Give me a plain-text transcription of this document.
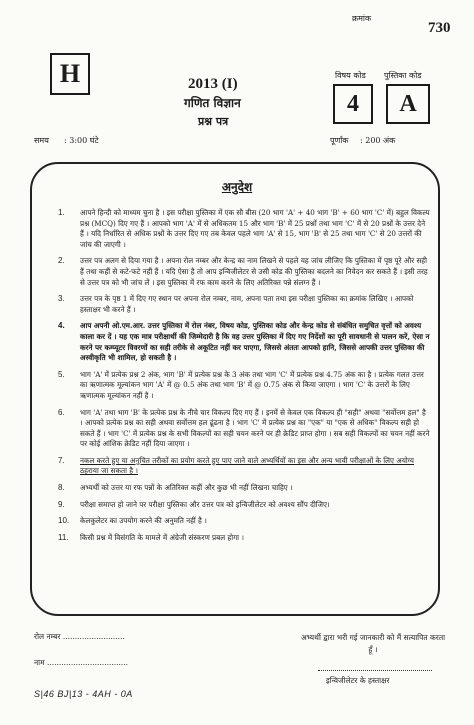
क्रमांक
730
H	2013 (I)
गणित विज्ञान
प्रश्न पत्र
विषय कोड पुस्तिका कोड
4	A
समय : 3:00 घंटे	पूर्णांक : 200 अंक
अनुदेश
1.	आपने हिन्दी को माध्यम चुना है । इस परीक्षा पुस्तिका में एक सौ बीस (20 भाग 'A' + 40 भाग 'B' + 60 भाग 'C' में) बहुल विकल्प प्रश्न (MCQ) दिए गए हैं । आपको भाग 'A' में से अधिकतम 15 और भाग 'B' में 25 प्रश्नों तथा भाग 'C' में से 20 प्रश्नों के उत्तर देने हैं । यदि निर्धारित से अधिक प्रश्नों के उत्तर दिए गए तब केवल पहले भाग 'A' से 15, भाग 'B' से 25 तथा भाग 'C' से 20 उत्तरों की जांच की जाएगी ।
2.	उत्तर पत्र अलग से दिया गया है । अपना रोल नम्बर और केन्द्र का नाम लिखने से पहले यह जांच लीजिए कि पुस्तिका में पृष्ठ पूरे और सही हैं तथा कहीं से कटे-फटे नहीं हैं । यदि ऐसा है तो आप इन्विजीलेटर से उसी कोड की पुस्तिका बदलने का निवेदन कर सकते हैं । इसी तरह से उत्तर पत्र को भी जांच लें । इस पुस्तिका में रफ काम करने के लिए अतिरिक्त पन्ने संलग्न हैं ।
3.	उत्तर पत्र के पृष्ठ 1 में दिए गए स्थान पर अपना रोल नम्बर, नाम, अपना पता तथा इस परीक्षा पुस्तिका का क्रमांक लिखिए । आपको हस्ताक्षर भी करने हैं ।
4.	आप अपनी ओ.एम.आर. उत्तर पुस्तिका में रोल नंबर, विषय कोड, पुस्तिका कोड और केन्द्र कोड से संबंधित समुचित वृत्तों को अवश्य काला कर दें । यह एक मात्र परीक्षार्थी की जिम्मेदारी है कि वह उत्तर पुस्तिका में दिए गए निर्देशों का पूरी सावधानी से पालन करें, ऐसा न करने पर कम्प्यूटर विवरणों का सही तरीके से अकूटित नहीं कर पाएगा, जिससे अंततः आपको हानि, जिससे आपकी उत्तर पुस्तिका की अस्वीकृति भी शामिल, हो सकती है ।
5.	भाग 'A' में प्रत्येक प्रश्न 2 अंक, भाग 'B' में प्रत्येक प्रश्न के 3 अंक तथा भाग 'C' में प्रत्येक प्रश्न 4.75 अंक का है । प्रत्येक गलत उत्तर का ऋणात्मक मूल्यांकन भाग 'A' में @ 0.5 अंक तथा भाग 'B' में @ 0.75 अंक से किया जाएगा । भाग 'C' के उत्तरों के लिए ऋणात्मक मूल्यांकन नहीं है ।
6.	भाग 'A' तथा भाग 'B' के प्रत्येक प्रश्न के नीचे चार विकल्प दिए गए हैं । इनमें से केवल एक विकल्प ही "सही" अथवा "सर्वोत्तम हल" है । आपको प्रत्येक प्रश्न का सही अथवा सर्वोत्तम हल ढूंढना है । भाग 'C' में प्रत्येक प्रश्न का "एक" या "एक से अधिक" विकल्प सही हो सकते हैं । भाग 'C' में प्रत्येक प्रश्न के सभी विकल्पों का सही चयन करने पर ही क्रेडिट प्राप्त होगा । सब सही विकल्पों का चयन नहीं करने पर कोई आंशिक क्रेडिट नहीं दिया जाएगा ।
7.	नकल करते हुए या अनुचित तरीकों का प्रयोग करते हुए पाए जाने वाले अभ्यर्थियों का इस और अन्य भावी परीक्षाओं के लिए अयोग्य ठहराया जा सकता है ।
8.	अभ्यर्थी को उत्तर या रफ पन्नों के अतिरिक्त कहीं और कुछ भी नहीं लिखना चाहिए ।
9.	परीक्षा समाप्त हो जाने पर परीक्षा पुस्तिका और उत्तर पत्र को इन्विजीलेटर को अवश्य सौंप दीजिए।
10.	केलकुलेटर का उपयोग करने की अनुमति नहीं है ।
11.	किसी प्रश्न में विसंगति के मामले में अंग्रेजी संस्करण प्रबल होगा ।
रोल नम्बर ..........................
नाम ..................................
अभ्यर्थी द्वारा भरी गई जानकारी को मैं सत्यापित करता हूँ ।
इन्विजीलेटर के हस्ताक्षर
S|46 BJ|13 - 4AH - 0A
